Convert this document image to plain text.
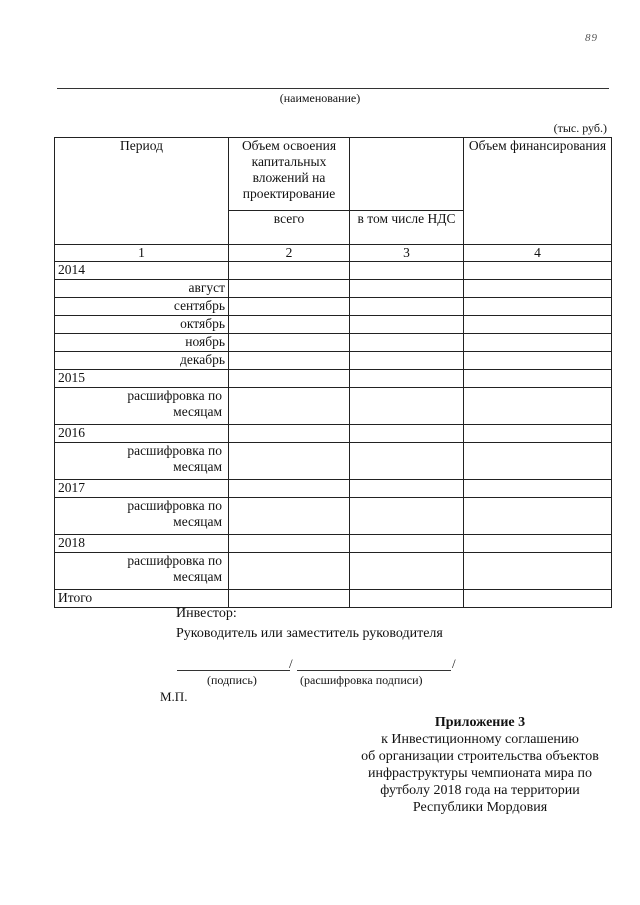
89
(наименование)
(тыс. руб.)
Период	Объем освоения капитальных вложений на проектирование		Объем финансирования
	всего	в том числе НДС	
1	2	3	4
2014			
август			
сентябрь			
октябрь			
ноябрь			
декабрь			
2015			
расшифровка по месяцам			
2016			
расшифровка по месяцам			
2017			
расшифровка по месяцам			
2018			
расшифровка по месяцам			
Итого			
Инвестор:
Руководитель или заместитель руководителя
/	/
(подпись)	(расшифровка подписи)
М.П.
Приложение 3
к Инвестиционному соглашению
об организации строительства объектов
инфраструктуры чемпионата мира по
футболу 2018 года на территории
Республики Мордовия
